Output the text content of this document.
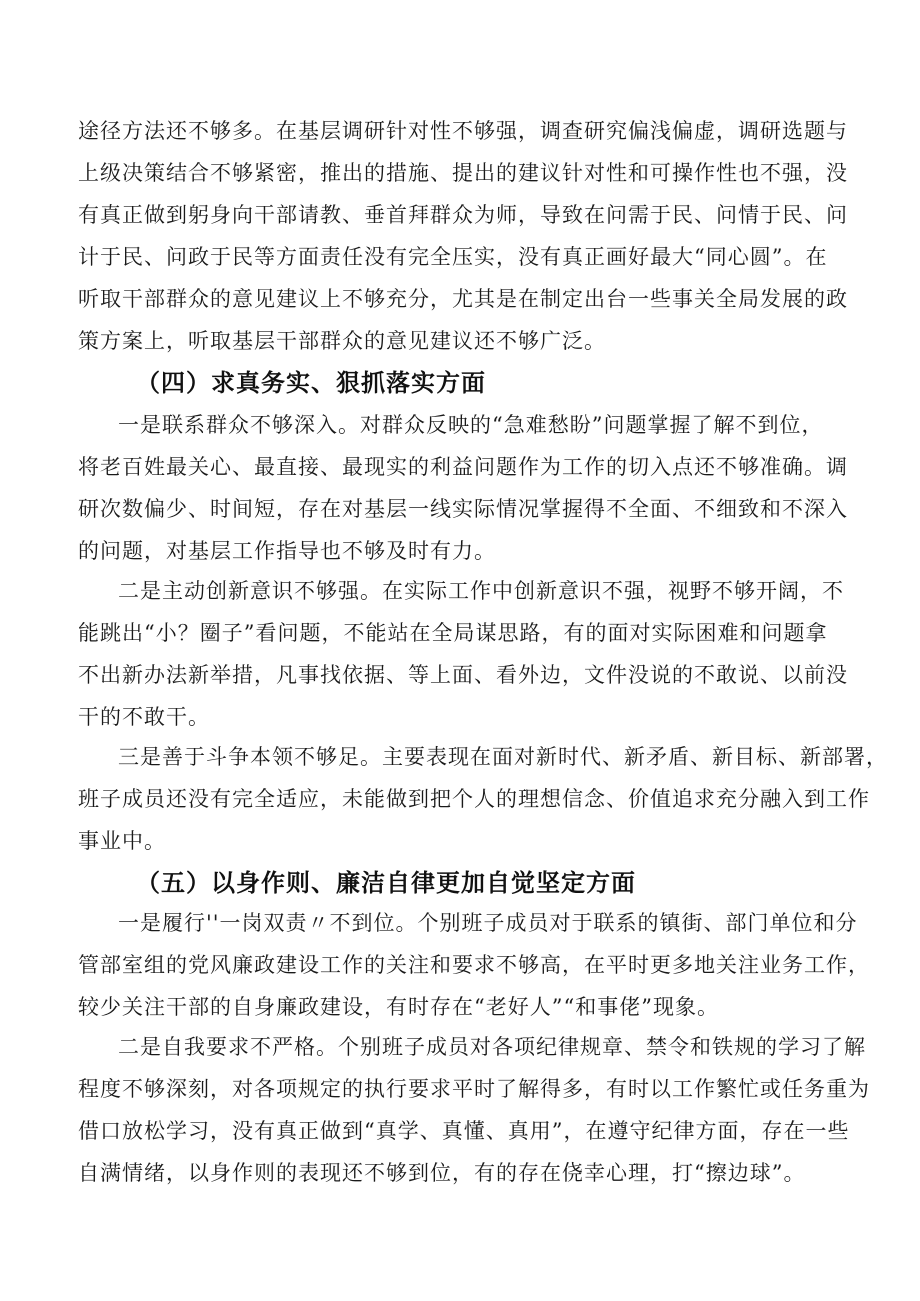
途径方法还不够多。在基层调研针对性不够强，调查研究偏浅偏虚，调研选题与
上级决策结合不够紧密，推出的措施、提出的建议针对性和可操作性也不强，没
有真正做到躬身向干部请教、垂首拜群众为师，导致在问需于民、问情于民、问
计于民、问政于民等方面责任没有完全压实，没有真正画好最大“同心圆”。在
听取干部群众的意见建议上不够充分，尤其是在制定出台一些事关全局发展的政
策方案上，听取基层干部群众的意见建议还不够广泛。
（四）求真务实、狠抓落实方面
一是联系群众不够深入。对群众反映的“急难愁盼”问题掌握了解不到位，
将老百姓最关心、最直接、最现实的利益问题作为工作的切入点还不够准确。调
研次数偏少、时间短，存在对基层一线实际情况掌握得不全面、不细致和不深入
的问题，对基层工作指导也不够及时有力。
二是主动创新意识不够强。在实际工作中创新意识不强，视野不够开阔，不
能跳出“小？圈子”看问题，不能站在全局谋思路，有的面对实际困难和问题拿
不出新办法新举措，凡事找依据、等上面、看外边，文件没说的不敢说、以前没
干的不敢干。
三是善于斗争本领不够足。主要表现在面对新时代、新矛盾、新目标、新部署，
班子成员还没有完全适应，未能做到把个人的理想信念、价值追求充分融入到工作
事业中。
（五）以身作则、廉洁自律更加自觉坚定方面
一是履行''一岗双责〃不到位。个别班子成员对于联系的镇街、部门单位和分
管部室组的党风廉政建设工作的关注和要求不够高，在平时更多地关注业务工作，
较少关注干部的自身廉政建设，有时存在“老好人”“和事佬”现象。
二是自我要求不严格。个别班子成员对各项纪律规章、禁令和铁规的学习了解
程度不够深刻，对各项规定的执行要求平时了解得多，有时以工作繁忙或任务重为
借口放松学习，没有真正做到“真学、真懂、真用”，在遵守纪律方面，存在一些
自满情绪，以身作则的表现还不够到位，有的存在侥幸心理，打“擦边球”。
